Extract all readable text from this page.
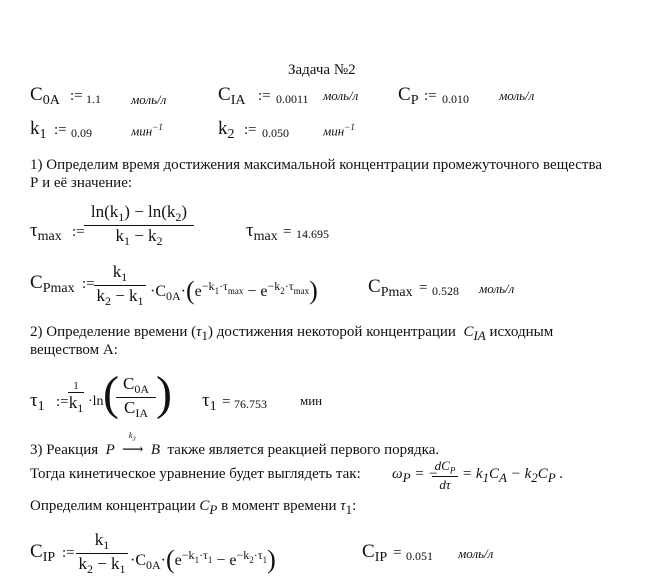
Задача №2
$C_{0A}$ := 1.1 моль/л	$C_{IA}$ := 0.0011 моль/л $C_P$ := 0.010 моль/л
$k_1$ := 0.09	мин$^{-1}$	$k_2$ := 0.050	мин$^{-1}$
1) Определим время достижения максимальной концентрации промежуточного вещества
Р и её значение:
$\tau_{max}$ :=
$\ln(k_1) - \ln(k_2)$
$k_1 - k_2$	$\tau_{max} = 14.695$
$C_{Pmax}$ :=
$k_1$
$k_2 - k_1$
$\cdot C_{0A}\cdot(e^{-k_1\cdot\tau_{max}} - e^{-k_2\cdot\tau_{max}})$	$C_{Pmax} = 0.528$ моль/л
2) Определение времени $(\tau_1)$ достижения некоторой концентрации $C_{IA}$ исходным
веществом А:
$\tau_1$ :=
1
$k_1 \cdot\ln$ ( $C_{0A}$
$C_{IA}$ ) $\tau_1 = 76.753$	мин
3) Реакция P
$k_3$
⟶ B также является реакцией первого порядка.
Тогда кинетическое уравнение будет выглядеть так: $\omega_P$ = −
$dC_P$
dτ
= $k_1C_A - k_2C_P$ .
Определим концентрации $C_P$ в момент времени $\tau_1$:
$C_{IP}$ :=
$k_1$
$k_2 - k_1 \cdot C_{0A}\cdot(e^{-k_1\cdot\tau_1} - e^{-k_2\cdot\tau_1})$	$C_{IP} = 0.051$ моль/л
